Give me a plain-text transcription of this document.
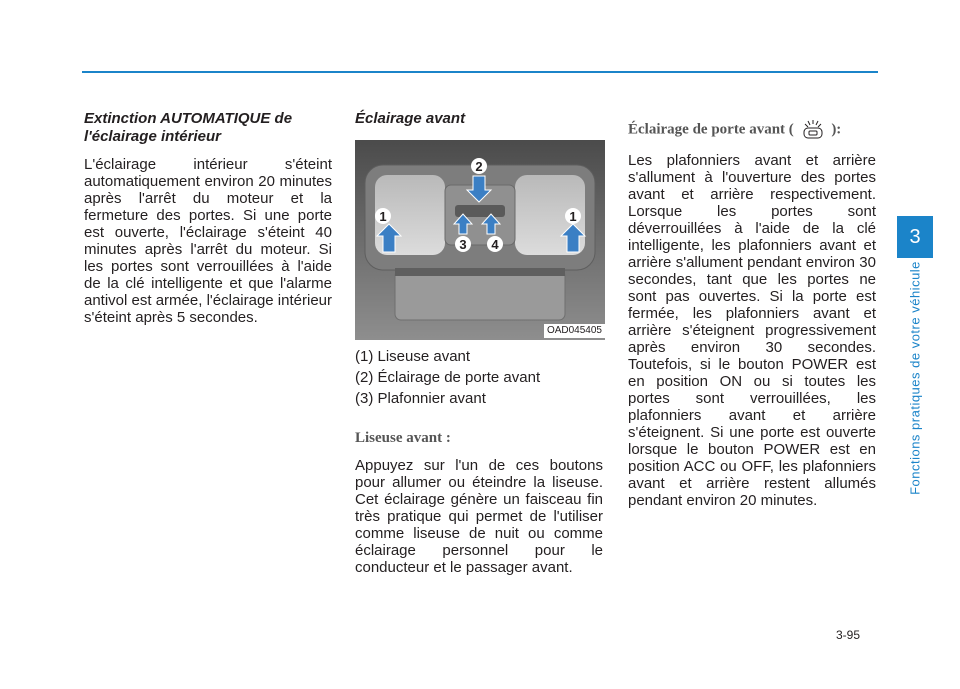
Extinction AUTOMATIQUE de l'éclairage intérieur

L'éclairage intérieur s'éteint automatiquement environ 20 minutes après l'arrêt du moteur et la fermeture des portes. Si une porte est ouverte, l'éclairage s'éteint 40 minutes après l'arrêt du moteur. Si les portes sont verrouillées à l'aide de la clé intelligente et que l'alarme antivol est armée, l'éclairage intérieur s'éteint après 5 secondes.

Éclairage avant

1
2
3 4
1
OAD045405

(1) Liseuse avant

(2) Éclairage de porte avant

(3) Plafonnier avant

Liseuse avant :

Appuyez sur l'un de ces boutons pour allumer ou éteindre la liseuse. Cet éclairage génère un faisceau fin très pratique qui permet de l'utiliser comme liseuse de nuit ou comme éclairage personnel pour le conducteur et le passager avant.

Éclairage de porte avant (	):

Les plafonniers avant et arrière s'allument à l'ouverture des portes avant et arrière respectivement. Lorsque les portes sont déverrouillées à l'aide de la clé intelligente, les plafonniers avant et arrière s'allument pendant environ 30 secondes, tant que les portes ne sont pas ouvertes. Si la porte est fermée, les plafonniers avant et arrière s'éteignent progressivement après environ 30 secondes. Toutefois, si le bouton POWER est en position ON ou si toutes les portes sont verrouillées, les plafonniers avant et arrière s'éteignent. Si une porte est ouverte lorsque le bouton POWER est en position ACC ou OFF, les plafonniers avant et arrière restent allumés pendant environ 20 minutes.

3
Fonctions pratiques de votre véhicule
3-95
